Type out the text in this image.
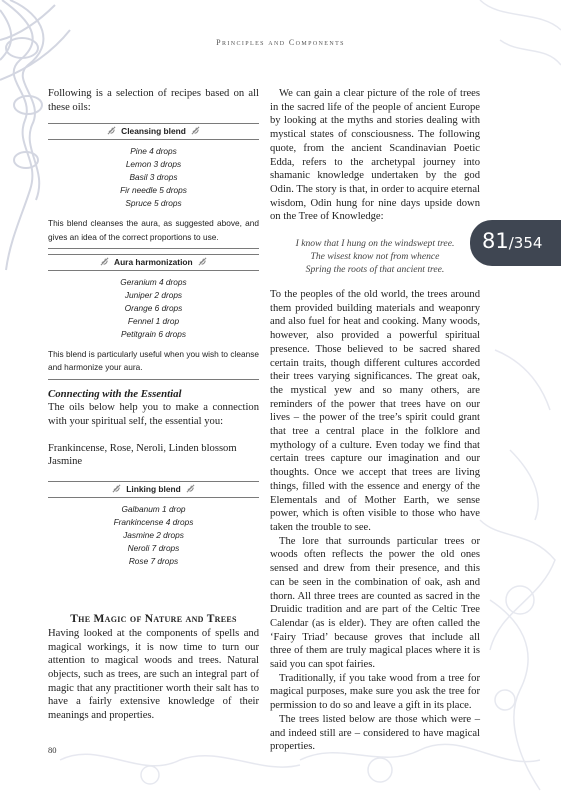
Principles and Components

Following is a selection of recipes based on all these oils:

Cleansing blend
Pine 4 drops
Lemon 3 drops
Basil 3 drops
Fir needle 5 drops
Spruce 5 drops
This blend cleanses the aura, as suggested above, and gives an idea of the correct proportions to use.
Aura harmonization
Geranium 4 drops
Juniper 2 drops
Orange 6 drops
Fennel 1 drop
Petitgrain 6 drops
This blend is particularly useful when you wish to cleanse and harmonize your aura.
Connecting with the Essential

The oils below help you to make a connection with your spiritual self, the essential you:

Frankincense, Rose, Neroli, Linden blossom Jasmine

Linking blend
Galbanum 1 drop
Frankincense 4 drops
Jasmine 2 drops
Neroli 7 drops
Rose 7 drops
The Magic of Nature and Trees

Having looked at the components of spells and magical workings, it is now time to turn our attention to magical woods and trees. Natural objects, such as trees, are such an integral part of magic that any practitioner worth their salt has to have a fairly extensive knowledge of their meanings and properties.

We can gain a clear picture of the role of trees in the sacred life of the people of ancient Europe by looking at the myths and stories dealing with mystical states of consciousness. The following quote, from the ancient Scandinavian Poetic Edda, refers to the archetypal journey into shamanic knowledge undertaken by the god Odin. The story is that, in order to acquire eternal wisdom, Odin hung for nine days upside down on the Tree of Knowledge:

I know that I hung on the windswept tree.
The wisest know not from whence
Spring the roots of that ancient tree.

To the peoples of the old world, the trees around them provided building materials and weaponry and also fuel for heat and cooking. Many woods, however, also provided a powerful spiritual presence. Those believed to be sacred shared certain traits, though different cultures accorded their trees varying significances. The great oak, the mystical yew and so many others, are reminders of the power that trees have on our lives – the power of the tree’s spirit could grant that tree a central place in the folklore and mythology of a culture. Even today we find that certain trees capture our imagination and our thoughts. Once we accept that trees are living things, filled with the essence and energy of the Elementals and of Mother Earth, we sense power, which is often visible to those who have taken the trouble to see.

The lore that surrounds particular trees or woods often reflects the power the old ones sensed and drew from their presence, and this can be seen in the combination of oak, ash and thorn. All three trees are counted as sacred in the Druidic tradition and are part of the Celtic Tree Calendar (as is elder). They are often called the ‘Fairy Triad’ because groves that include all three of them are truly magical places where it is said you can spot fairies.

Traditionally, if you take wood from a tree for magical purposes, make sure you ask the tree for permission to do so and leave a gift in its place.

The trees listed below are those which were – and indeed still are – considered to have magical properties.

80
81/354
